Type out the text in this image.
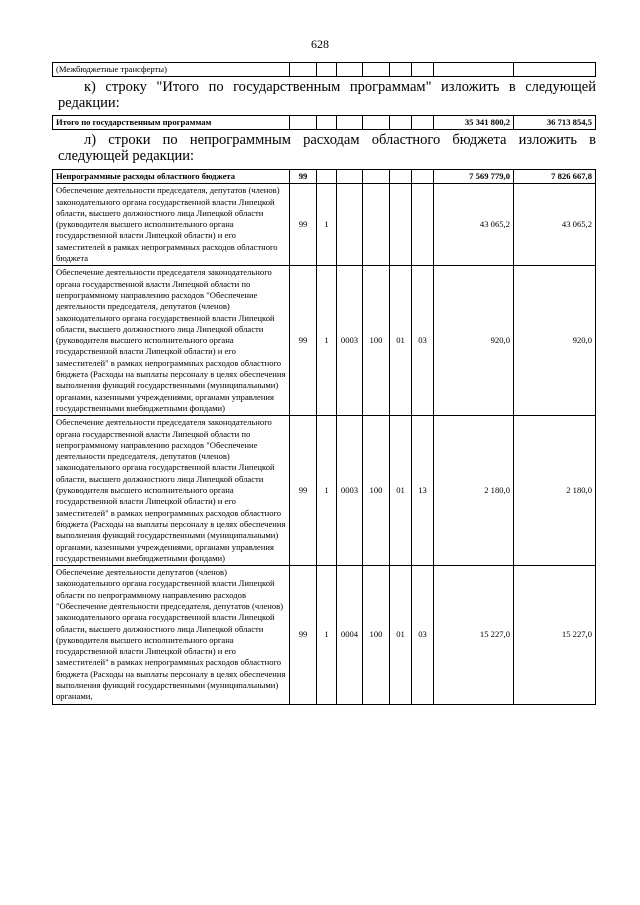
628
(Межбюджетные трансферты)								
к) строку "Итого по государственным программам" изложить в следующей
редакции:
Итого по государственным программам							35 341 800,2	36 713 854,5
л) строки по непрограммным расходам областного бюджета изложить в
следующей редакции:
Непрограммные расходы областного бюджета	99						7 569 779,0	7 826 667,8
Обеспечение деятельности председателя, депутатов (членов) законодательного органа государственной власти Липецкой области, высшего должностного лица Липецкой области (руководителя высшего исполнительного органа государственной власти Липецкой области) и его заместителей в рамках непрограммных расходов областного бюджета	99	1					43 065,2	43 065,2
Обеспечение деятельности председателя законодательного органа государственной власти Липецкой области по непрограммному направлению расходов "Обеспечение деятельности председателя, депутатов (членов) законодательного органа государственной власти Липецкой области, высшего должностного лица Липецкой области (руководителя высшего исполнительного органа государственной власти Липецкой области) и его заместителей" в рамках непрограммных расходов областного бюджета (Расходы на выплаты персоналу в целях обеспечения выполнения функций государственными (муниципальными) органами, казенными учреждениями, органами управления государственными внебюджетными фондами)	99	1	0003	100	01	03	920,0	920,0
Обеспечение деятельности председателя законодательного органа государственной власти Липецкой области по непрограммному направлению расходов "Обеспечение деятельности председателя, депутатов (членов) законодательного органа государственной власти Липецкой области, высшего должностного лица Липецкой области (руководителя высшего исполнительного органа государственной власти Липецкой области) и его заместителей" в рамках непрограммных расходов областного бюджета (Расходы на выплаты персоналу в целях обеспечения выполнения функций государственными (муниципальными) органами, казенными учреждениями, органами управления государственными внебюджетными фондами)	99	1	0003	100	01	13	2 180,0	2 180,0
Обеспечение деятельности депутатов (членов) законодательного органа государственной власти Липецкой области по непрограммному направлению расходов "Обеспечение деятельности председателя, депутатов (членов) законодательного органа государственной власти Липецкой области, высшего должностного лица Липецкой области (руководителя высшего исполнительного органа государственной власти Липецкой области) и его заместителей" в рамках непрограммных расходов областного бюджета (Расходы на выплаты персоналу в целях обеспечения выполнения функций государственными (муниципальными) органами,	99	1	0004	100	01	03	15 227,0	15 227,0
